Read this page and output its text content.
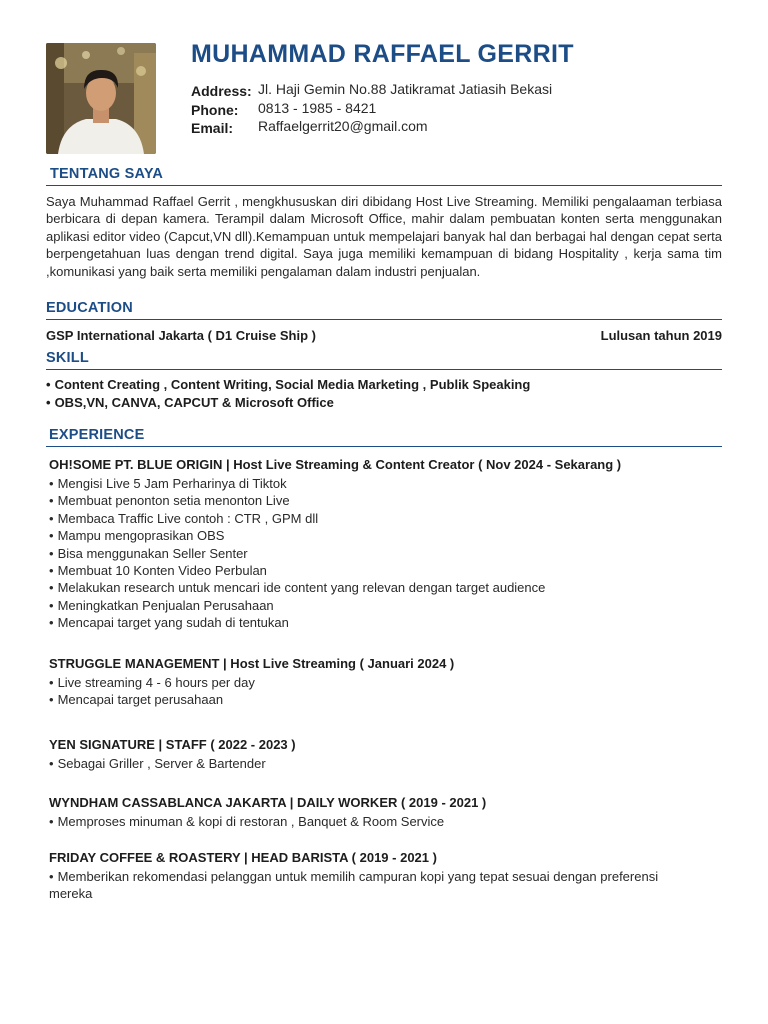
MUHAMMAD RAFFAEL GERRIT
Address: Jl. Haji Gemin No.88 Jatikramat Jatiasih Bekasi
Phone:	0813 - 1985 - 8421
Email:	Raffaelgerrit20@gmail.com
TENTANG SAYA

Saya Muhammad Raffael Gerrit , mengkhususkan diri dibidang Host Live Streaming. Memiliki pengalaaman terbiasa berbicara di depan kamera. Terampil dalam Microsoft Office, mahir dalam pembuatan konten serta menggunakan aplikasi editor video (Capcut,VN dll).Kemampuan untuk mempelajari banyak hal dan berbagai hal dengan cepat serta berpengetahuan luas dengan trend digital. Saya juga memiliki kemampuan di bidang Hospitality , kerja sama tim ,komunikasi yang baik serta memiliki pengalaman dalam industri penjualan.

EDUCATION
GSP International Jakarta ( D1 Cruise Ship )	Lulusan tahun 2019
SKILL
• Content Creating , Content Writing, Social Media Marketing , Publik Speaking
• OBS,VN, CANVA, CAPCUT & Microsoft Office
EXPERIENCE

OH!SOME PT. BLUE ORIGIN | Host Live Streaming & Content Creator ( Nov 2024 - Sekarang )

• Mengisi Live 5 Jam Perharinya di Tiktok
• Membuat penonton setia menonton Live
• Membaca Traffic Live contoh : CTR , GPM dll
• Mampu mengoprasikan OBS
• Bisa menggunakan Seller Senter
• Membuat 10 Konten Video Perbulan
• Melakukan research untuk mencari ide content yang relevan dengan target audience
• Meningkatkan Penjualan Perusahaan
• Mencapai target yang sudah di tentukan

STRUGGLE MANAGEMENT | Host Live Streaming ( Januari 2024 )

• Live streaming 4 - 6 hours per day
• Mencapai target perusahaan

YEN SIGNATURE | STAFF ( 2022 - 2023 )

• Sebagai Griller , Server & Bartender

WYNDHAM CASSABLANCA JAKARTA | DAILY WORKER ( 2019 - 2021 )

• Memproses minuman & kopi di restoran , Banquet & Room Service

FRIDAY COFFEE & ROASTERY | HEAD BARISTA ( 2019 - 2021 )

• Memberikan rekomendasi pelanggan untuk memilih campuran kopi yang tepat sesuai dengan preferensi mereka
